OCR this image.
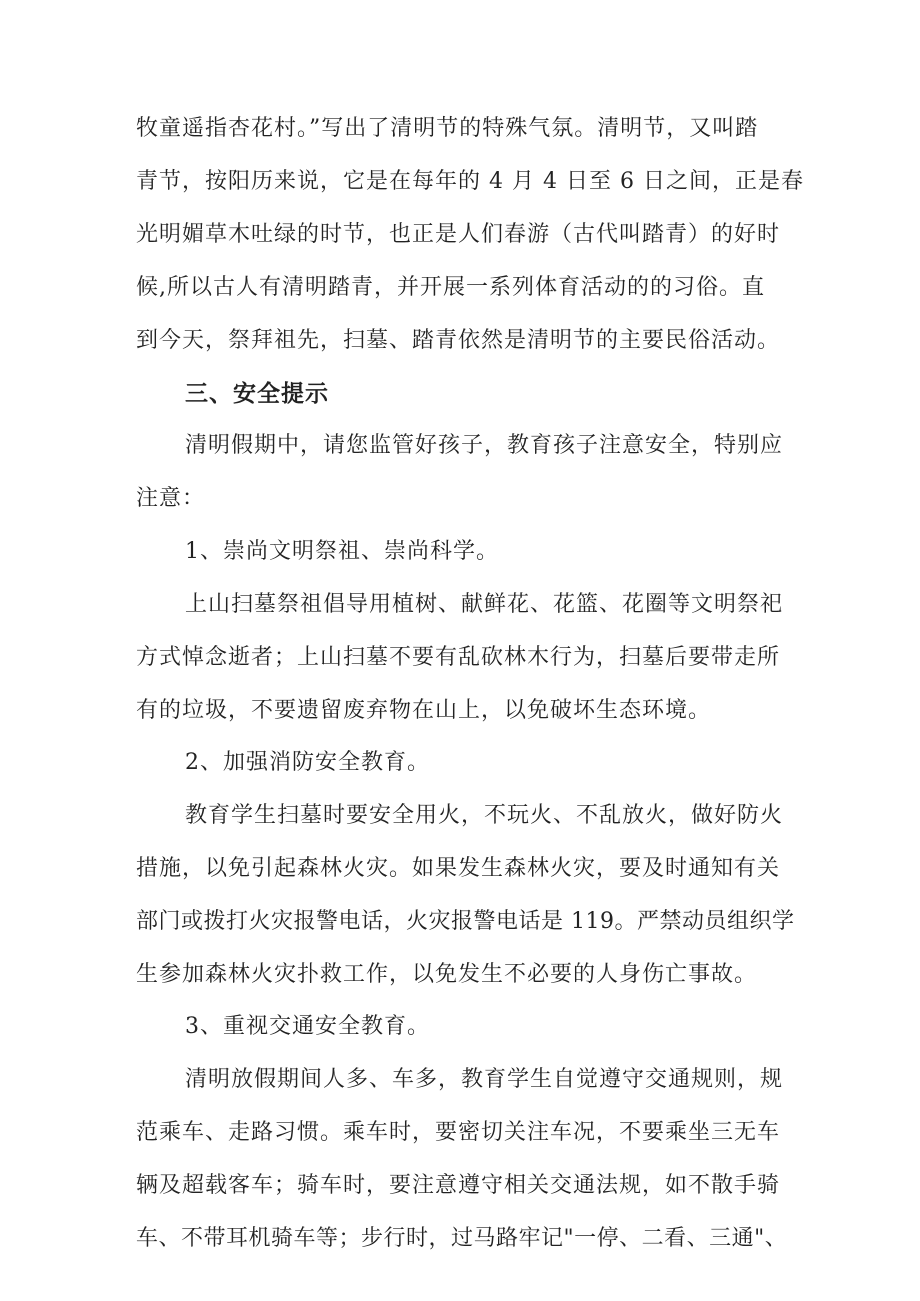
牧童遥指杏花村。”写出了清明节的特殊气氛。清明节，又叫踏
青节，按阳历来说，它是在每年的 4 月 4 日至 6 日之间，正是春
光明媚草木吐绿的时节，也正是人们春游（古代叫踏青）的好时
候,所以古人有清明踏青，并开展一系列体育活动的的习俗。直
到今天，祭拜祖先，扫墓、踏青依然是清明节的主要民俗活动。
三、安全提示
清明假期中，请您监管好孩子，教育孩子注意安全，特别应
注意：
1、崇尚文明祭祖、崇尚科学。
上山扫墓祭祖倡导用植树、献鲜花、花篮、花圈等文明祭祀
方式悼念逝者；上山扫墓不要有乱砍林木行为，扫墓后要带走所
有的垃圾，不要遗留废弃物在山上，以免破坏生态环境。
2、加强消防安全教育。
教育学生扫墓时要安全用火，不玩火、不乱放火，做好防火
措施，以免引起森林火灾。如果发生森林火灾，要及时通知有关
部门或拨打火灾报警电话，火灾报警电话是 119。严禁动员组织学
生参加森林火灾扑救工作，以免发生不必要的人身伤亡事故。
3、重视交通安全教育。
清明放假期间人多、车多，教育学生自觉遵守交通规则，规
范乘车、走路习惯。乘车时，要密切关注车况，不要乘坐三无车
辆及超载客车；骑车时，要注意遵守相关交通法规，如不散手骑
车、不带耳机骑车等；步行时，过马路牢记"一停、二看、三通"、
